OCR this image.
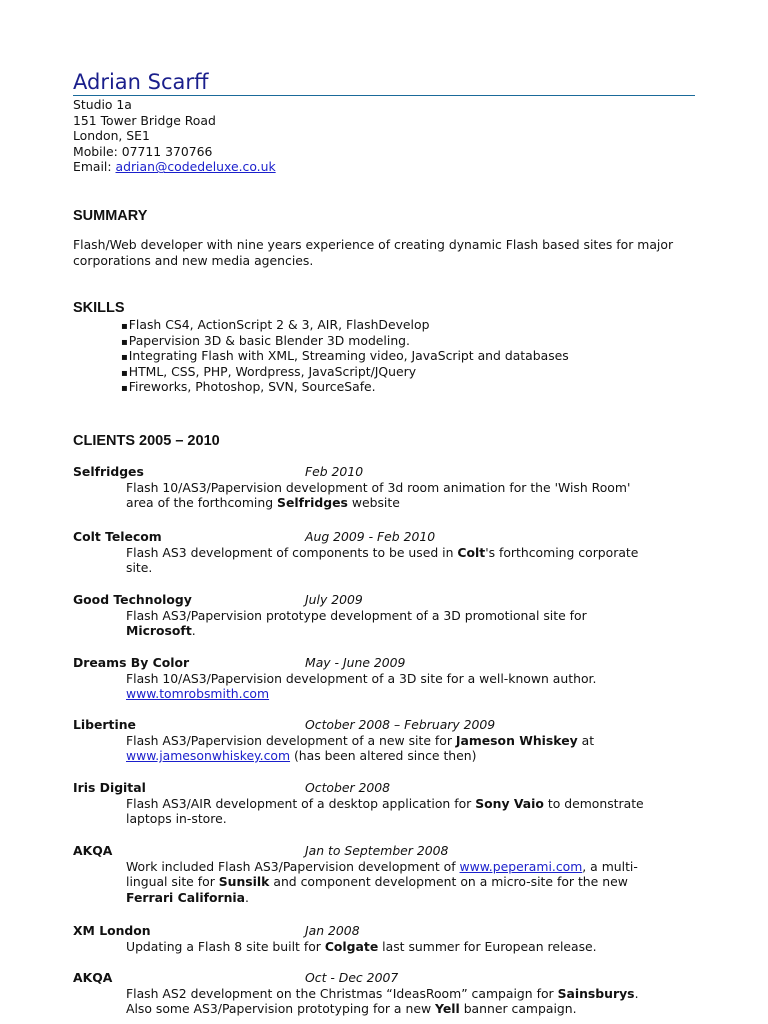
Adrian Scarff
Studio 1a
151 Tower Bridge Road
London, SE1
Mobile: 07711 370766
Email: adrian@codedeluxe.co.uk
SUMMARY
Flash/Web developer with nine years experience of creating dynamic Flash based sites for major corporations and new media agencies.
SKILLS
▪ Flash CS4, ActionScript 2 & 3, AIR, FlashDevelop
▪ Papervision 3D & basic Blender 3D modeling.
▪ Integrating Flash with XML, Streaming video, JavaScript and databases
▪ HTML, CSS, PHP, Wordpress, JavaScript/JQuery
▪ Fireworks, Photoshop, SVN, SourceSafe.
CLIENTS 2005 – 2010
Selfridges	Feb 2010
Flash 10/AS3/Papervision development of 3d room animation for the 'Wish Room' area of the forthcoming Selfridges website
Colt Telecom	Aug 2009 - Feb 2010
Flash AS3 development of components to be used in Colt's forthcoming corporate site.
Good Technology	July 2009
Flash AS3/Papervision prototype development of a 3D promotional site for Microsoft.
Dreams By Color	May - June 2009
Flash 10/AS3/Papervision development of a 3D site for a well-known author. www.tomrobsmith.com
Libertine	October 2008 – February 2009
Flash AS3/Papervision development of a new site for Jameson Whiskey at www.jamesonwhiskey.com (has been altered since then)
Iris Digital	October 2008
Flash AS3/AIR development of a desktop application for Sony Vaio to demonstrate laptops in-store.
AKQA	Jan to September 2008
Work included Flash AS3/Papervision development of www.peperami.com, a multi-lingual site for Sunsilk and component development on a micro-site for the new Ferrari California.
XM London	Jan 2008
Updating a Flash 8 site built for Colgate last summer for European release.
AKQA	Oct - Dec 2007
Flash AS2 development on the Christmas “IdeasRoom” campaign for Sainsburys. Also some AS3/Papervision prototyping for a new Yell banner campaign.
